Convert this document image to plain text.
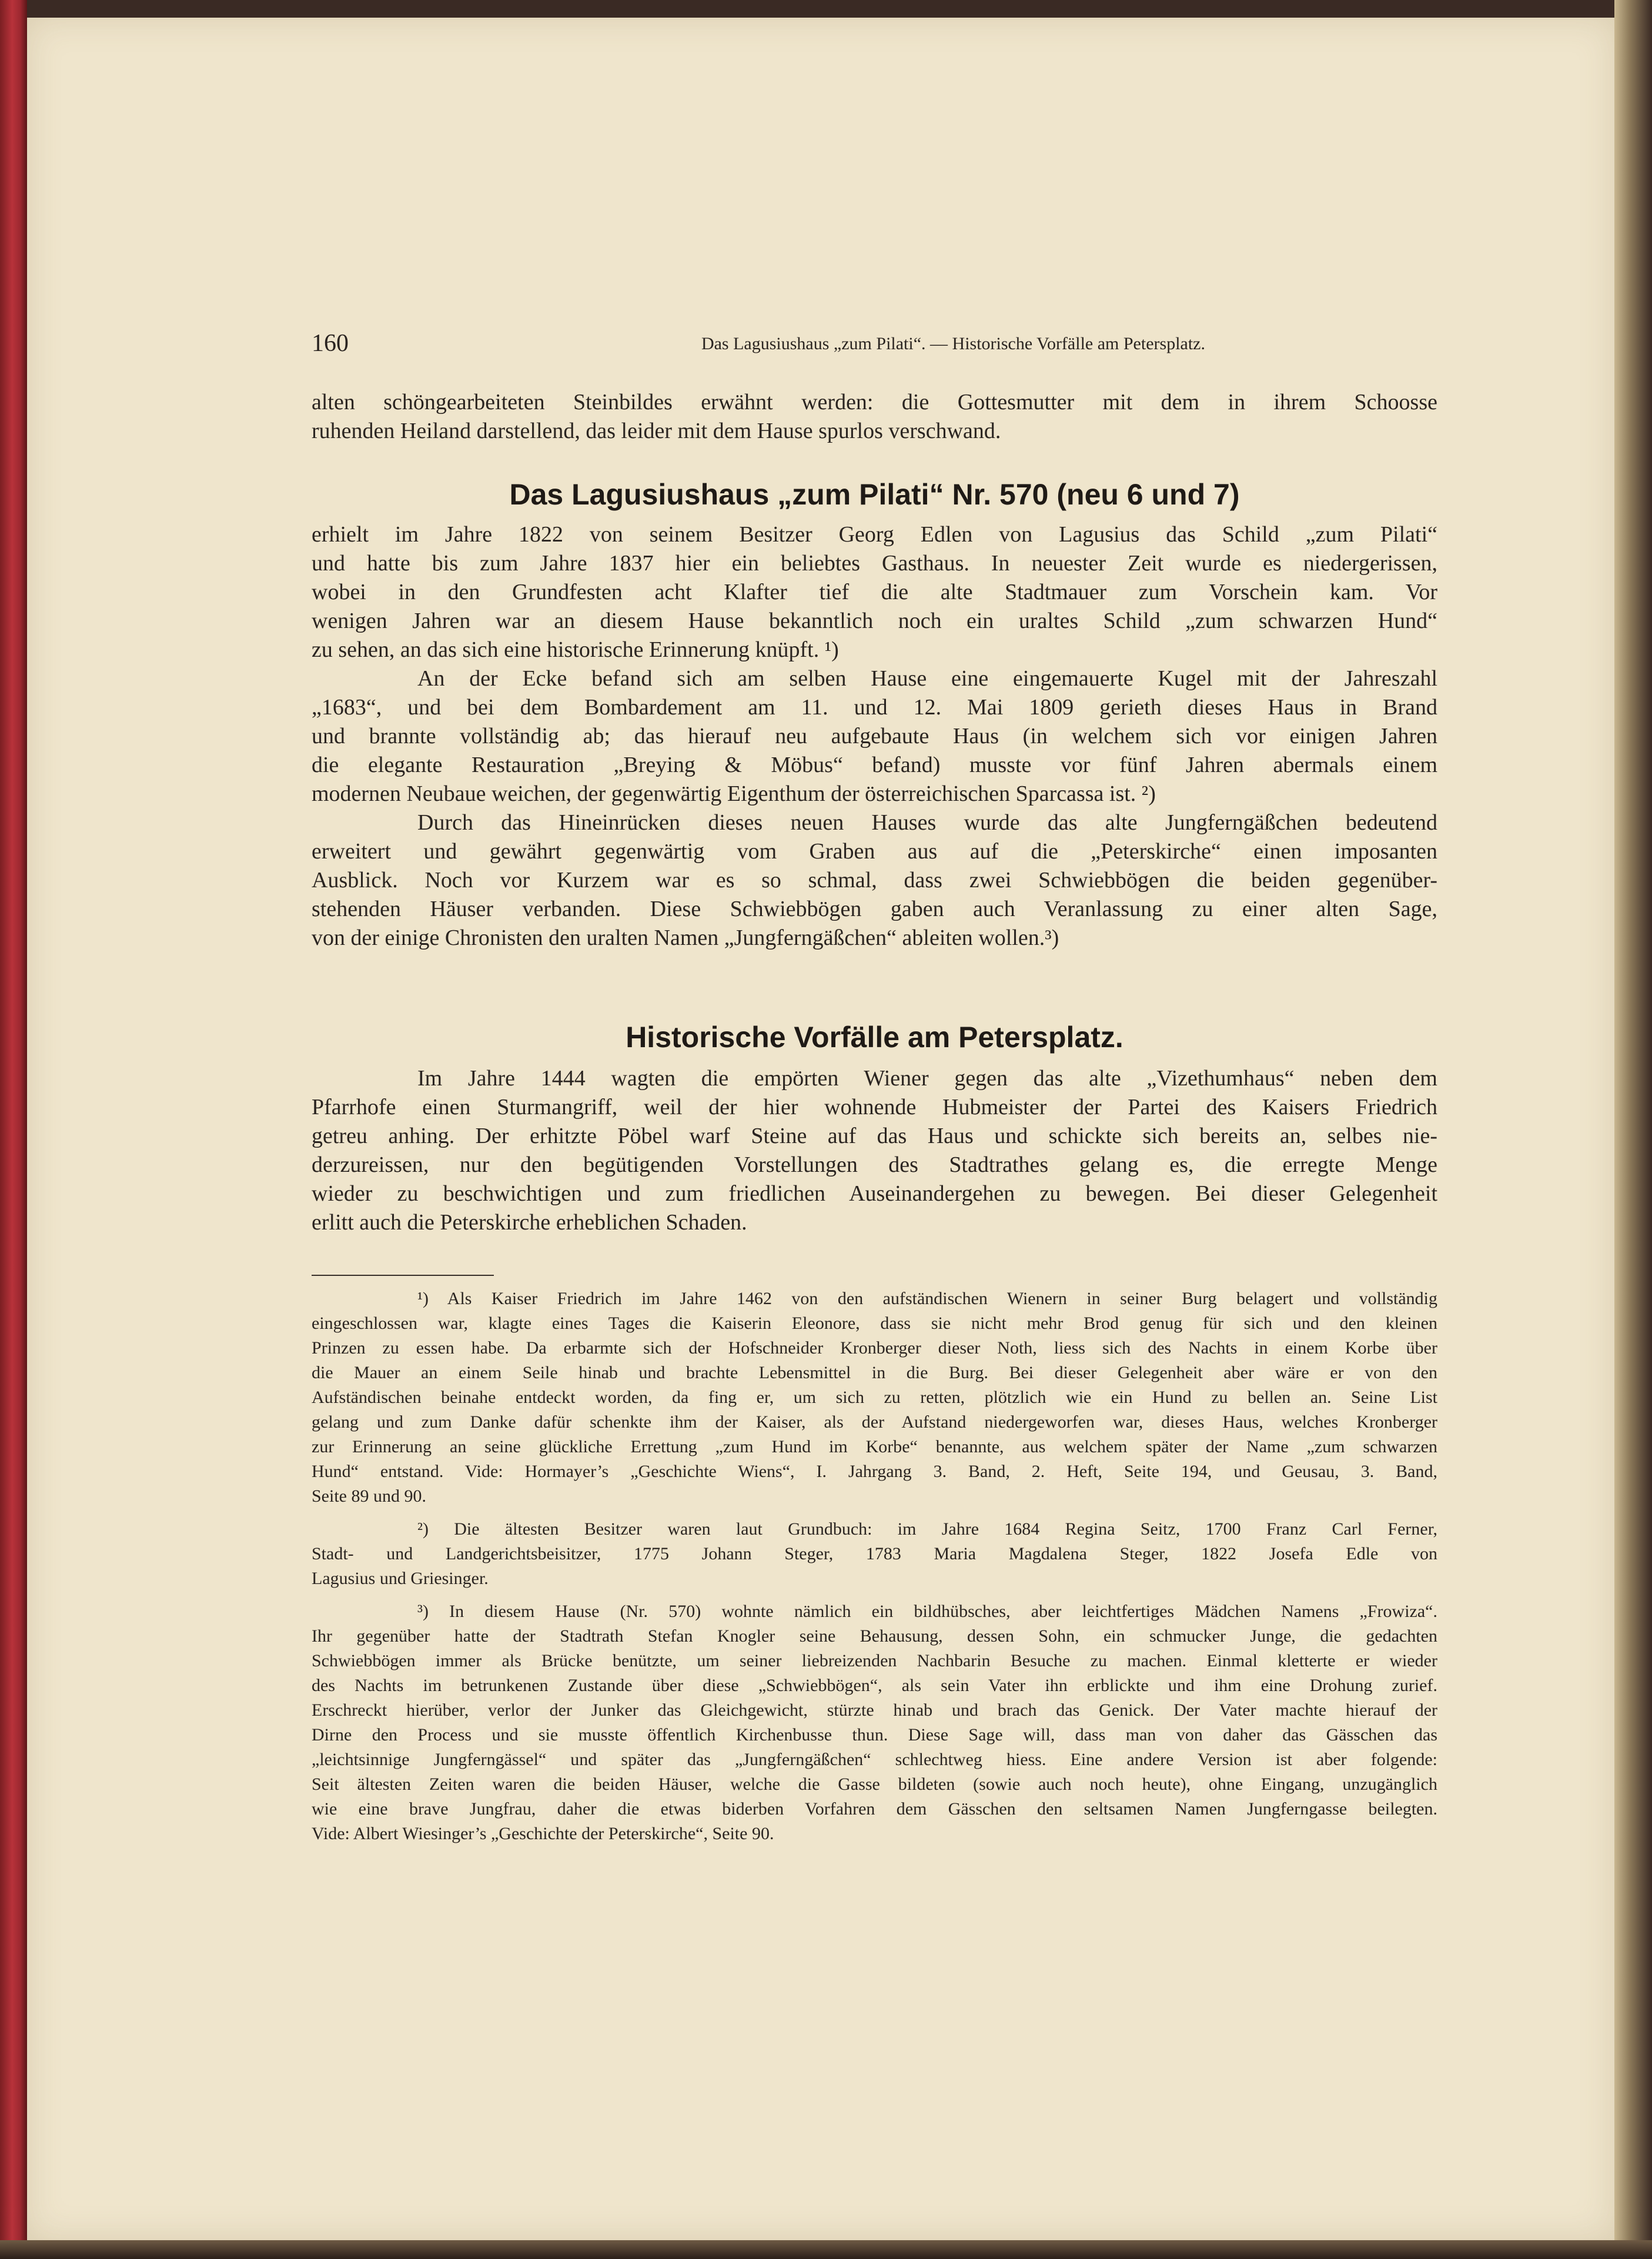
160	Das Lagusiushaus „zum Pilati“. — Historische Vorfälle am Petersplatz.
alten schöngearbeiteten Steinbildes erwähnt werden: die Gottesmutter mit dem in ihrem Schoosse
ruhenden Heiland darstellend, das leider mit dem Hause spurlos verschwand.
Das Lagusiushaus „zum Pilati“ Nr. 570 (neu 6 und 7)
erhielt im Jahre 1822 von seinem Besitzer Georg Edlen von Lagusius das Schild „zum Pilati“
und hatte bis zum Jahre 1837 hier ein beliebtes Gasthaus. In neuester Zeit wurde es niedergerissen,
wobei in den Grundfesten acht Klafter tief die alte Stadtmauer zum Vorschein kam. Vor
wenigen Jahren war an diesem Hause bekanntlich noch ein uraltes Schild „zum schwarzen Hund“
zu sehen, an das sich eine historische Erinnerung knüpft. ¹)
An der Ecke befand sich am selben Hause eine eingemauerte Kugel mit der Jahreszahl
„1683“, und bei dem Bombardement am 11. und 12. Mai 1809 gerieth dieses Haus in Brand
und brannte vollständig ab; das hierauf neu aufgebaute Haus (in welchem sich vor einigen Jahren
die elegante Restauration „Breying & Möbus“ befand) musste vor fünf Jahren abermals einem
modernen Neubaue weichen, der gegenwärtig Eigenthum der österreichischen Sparcassa ist. ²)
Durch das Hineinrücken dieses neuen Hauses wurde das alte Jungferngäßchen bedeutend
erweitert und gewährt gegenwärtig vom Graben aus auf die „Peterskirche“ einen imposanten
Ausblick. Noch vor Kurzem war es so schmal, dass zwei Schwiebbögen die beiden gegenüber-
stehenden Häuser verbanden. Diese Schwiebbögen gaben auch Veranlassung zu einer alten Sage,
von der einige Chronisten den uralten Namen „Jungferngäßchen“ ableiten wollen.³)
Historische Vorfälle am Petersplatz.
Im Jahre 1444 wagten die empörten Wiener gegen das alte „Vizethumhaus“ neben dem
Pfarrhofe einen Sturmangriff, weil der hier wohnende Hubmeister der Partei des Kaisers Friedrich
getreu anhing. Der erhitzte Pöbel warf Steine auf das Haus und schickte sich bereits an, selbes nie-
derzureissen, nur den begütigenden Vorstellungen des Stadtrathes gelang es, die erregte Menge
wieder zu beschwichtigen und zum friedlichen Auseinandergehen zu bewegen. Bei dieser Gelegenheit
erlitt auch die Peterskirche erheblichen Schaden.
¹) Als Kaiser Friedrich im Jahre 1462 von den aufständischen Wienern in seiner Burg belagert und vollständig
eingeschlossen war, klagte eines Tages die Kaiserin Eleonore, dass sie nicht mehr Brod genug für sich und den kleinen
Prinzen zu essen habe. Da erbarmte sich der Hofschneider Kronberger dieser Noth, liess sich des Nachts in einem Korbe über
die Mauer an einem Seile hinab und brachte Lebensmittel in die Burg. Bei dieser Gelegenheit aber wäre er von den
Aufständischen beinahe entdeckt worden, da fing er, um sich zu retten, plötzlich wie ein Hund zu bellen an. Seine List
gelang und zum Danke dafür schenkte ihm der Kaiser, als der Aufstand niedergeworfen war, dieses Haus, welches Kronberger
zur Erinnerung an seine glückliche Errettung „zum Hund im Korbe“ benannte, aus welchem später der Name „zum schwarzen
Hund“ entstand. Vide: Hormayer’s „Geschichte Wiens“, I. Jahrgang 3. Band, 2. Heft, Seite 194, und Geusau, 3. Band,
Seite 89 und 90.
²) Die ältesten Besitzer waren laut Grundbuch: im Jahre 1684 Regina Seitz, 1700 Franz Carl Ferner,
Stadt- und Landgerichtsbeisitzer, 1775 Johann Steger, 1783 Maria Magdalena Steger, 1822 Josefa Edle von
Lagusius und Griesinger.
³) In diesem Hause (Nr. 570) wohnte nämlich ein bildhübsches, aber leichtfertiges Mädchen Namens „Frowiza“.
Ihr gegenüber hatte der Stadtrath Stefan Knogler seine Behausung, dessen Sohn, ein schmucker Junge, die gedachten
Schwiebbögen immer als Brücke benützte, um seiner liebreizenden Nachbarin Besuche zu machen. Einmal kletterte er wieder
des Nachts im betrunkenen Zustande über diese „Schwiebbögen“, als sein Vater ihn erblickte und ihm eine Drohung zurief.
Erschreckt hierüber, verlor der Junker das Gleichgewicht, stürzte hinab und brach das Genick. Der Vater machte hierauf der
Dirne den Process und sie musste öffentlich Kirchenbusse thun. Diese Sage will, dass man von daher das Gässchen das
„leichtsinnige Jungferngässel“ und später das „Jungferngäßchen“ schlechtweg hiess. Eine andere Version ist aber folgende:
Seit ältesten Zeiten waren die beiden Häuser, welche die Gasse bildeten (sowie auch noch heute), ohne Eingang, unzugänglich
wie eine brave Jungfrau, daher die etwas biderben Vorfahren dem Gässchen den seltsamen Namen Jungferngasse beilegten.
Vide: Albert Wiesinger’s „Geschichte der Peterskirche“, Seite 90.
